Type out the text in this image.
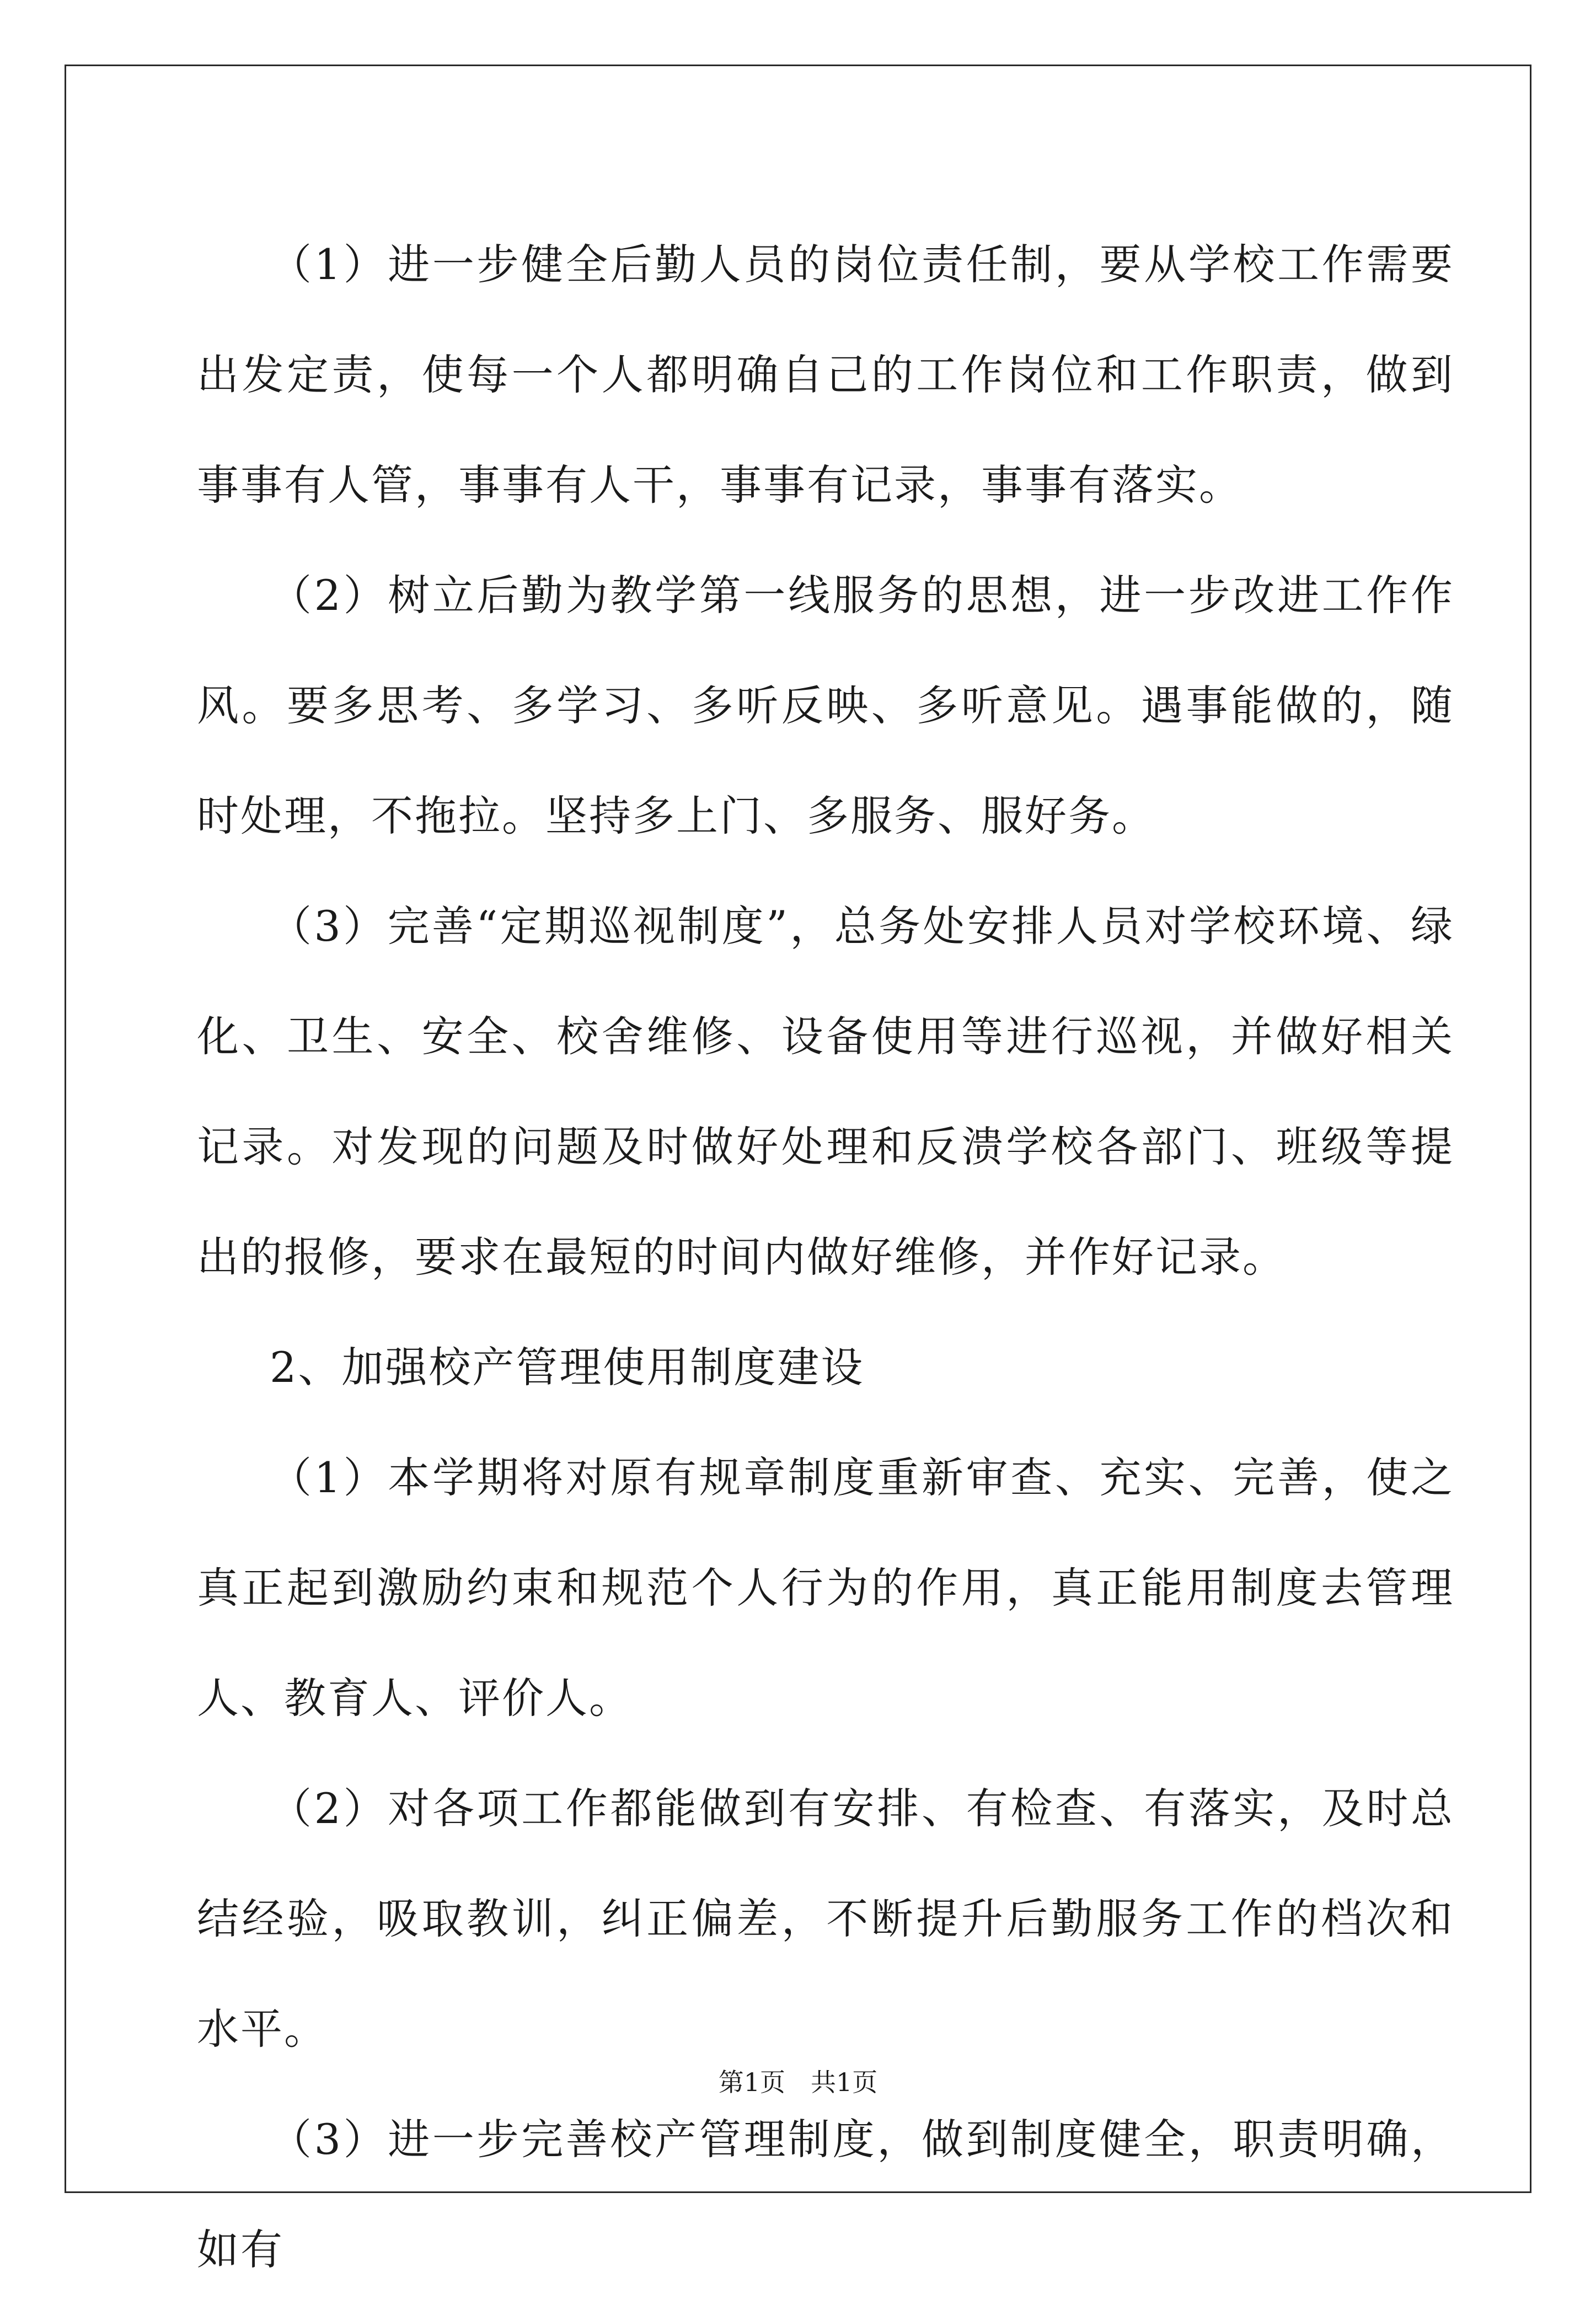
（1）进一步健全后勤人员的岗位责任制，要从学校工作需要出发定责，使每一个人都明确自己的工作岗位和工作职责，做到事事有人管，事事有人干，事事有记录，事事有落实。

（2）树立后勤为教学第一线服务的思想，进一步改进工作作风。要多思考、多学习、多听反映、多听意见。遇事能做的，随时处理，不拖拉。坚持多上门、多服务、服好务。

（3）完善“定期巡视制度”，总务处安排人员对学校环境、绿化、卫生、安全、校舍维修、设备使用等进行巡视，并做好相关记录。对发现的问题及时做好处理和反溃学校各部门、班级等提出的报修，要求在最短的时间内做好维修，并作好记录。

2、加强校产管理使用制度建设

（1）本学期将对原有规章制度重新审查、充实、完善，使之真正起到激励约束和规范个人行为的作用，真正能用制度去管理人、教育人、评价人。

（2）对各项工作都能做到有安排、有检查、有落实，及时总结经验，吸取教训，纠正偏差，不断提升后勤服务工作的档次和水平。

（3）进一步完善校产管理制度，做到制度健全，职责明确，如有

第1页　共1页
